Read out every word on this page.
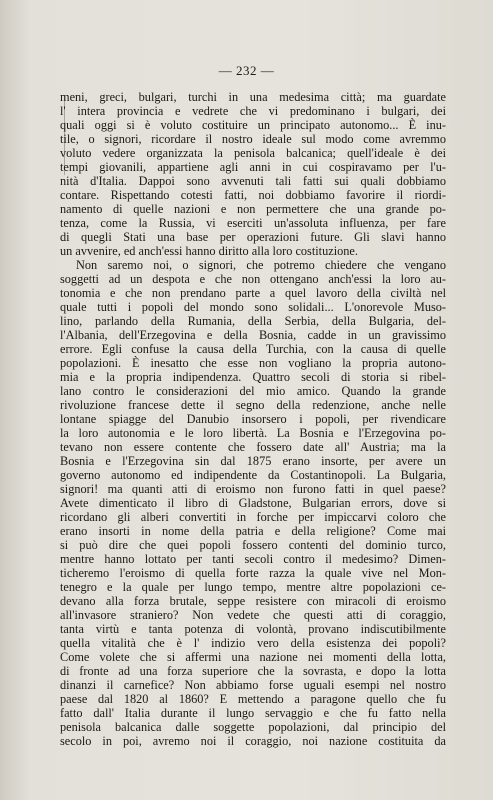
— 232 —
meni, greci, bulgari, turchi in una medesima città; ma guardate
l' intera provincia e vedrete che vi predominano i bulgari, dei
quali oggi si è voluto costituire un principato autonomo... È inu-
tile, o signori, ricordare il nostro ideale sul modo come avremmo
voluto vedere organizzata la penisola balcanica; quell'ideale è dei
tempi giovanili, appartiene agli anni in cui cospiravamo per l'u-
nità d'Italia. Dappoi sono avvenuti tali fatti sui quali dobbiamo
contare. Rispettando cotesti fatti, noi dobbiamo favorire il riordi-
namento di quelle nazioni e non permettere che una grande po-
tenza, come la Russia, vi eserciti un'assoluta influenza, per fare
di quegli Stati una base per operazioni future. Gli slavi hanno
un avvenire, ed anch'essi hanno diritto alla loro costituzione.
Non saremo noi, o signori, che potremo chiedere che vengano
soggetti ad un despota e che non ottengano anch'essi la loro au-
tonomia e che non prendano parte a quel lavoro della civiltà nel
quale tutti i popoli del mondo sono solidali... L'onorevole Muso-
lino, parlando della Rumania, della Serbia, della Bulgaria, del-
l'Albania, dell'Erzegovina e della Bosnia, cadde in un gravissimo
errore. Egli confuse la causa della Turchia, con la causa di quelle
popolazioni. È inesatto che esse non vogliano la propria autono-
mia e la propria indipendenza. Quattro secoli di storia si ribel-
lano contro le considerazioni del mio amico. Quando la grande
rivoluzione francese dette il segno della redenzione, anche nelle
lontane spiagge del Danubio insorsero i popoli, per rivendicare
la loro autonomia e le loro libertà. La Bosnia e l'Erzegovina po-
tevano non essere contente che fossero date all' Austria; ma la
Bosnia e l'Erzegovina sin dal 1875 erano insorte, per avere un
governo autonomo ed indipendente da Costantinopoli. La Bulgaria,
signori! ma quanti atti di eroismo non furono fatti in quel paese?
Avete dimenticato il libro di Gladstone, Bulgarian errors, dove si
ricordano gli alberi convertiti in forche per impiccarvi coloro che
erano insorti in nome della patria e della religione? Come mai
si può dire che quei popoli fossero contenti del dominio turco,
mentre hanno lottato per tanti secoli contro il medesimo? Dimen-
ticheremo l'eroismo di quella forte razza la quale vive nel Mon-
tenegro e la quale per lungo tempo, mentre altre popolazioni ce-
devano alla forza brutale, seppe resistere con miracoli di eroismo
all'invasore straniero? Non vedete che questi atti di coraggio,
tanta virtù e tanta potenza di volontà, provano indiscutibilmente
quella vitalità che è l' indizio vero della esistenza dei popoli?
Come volete che si affermi una nazione nei momenti della lotta,
di fronte ad una forza superiore che la sovrasta, e dopo la lotta
dinanzi il carnefice? Non abbiamo forse uguali esempi nel nostro
paese dal 1820 al 1860? E mettendo a paragone quello che fu
fatto dall' Italia durante il lungo servaggio e che fu fatto nella
penisola balcanica dalle soggette popolazioni, dal principio del
secolo in poi, avremo noi il coraggio, noi nazione costituita da
